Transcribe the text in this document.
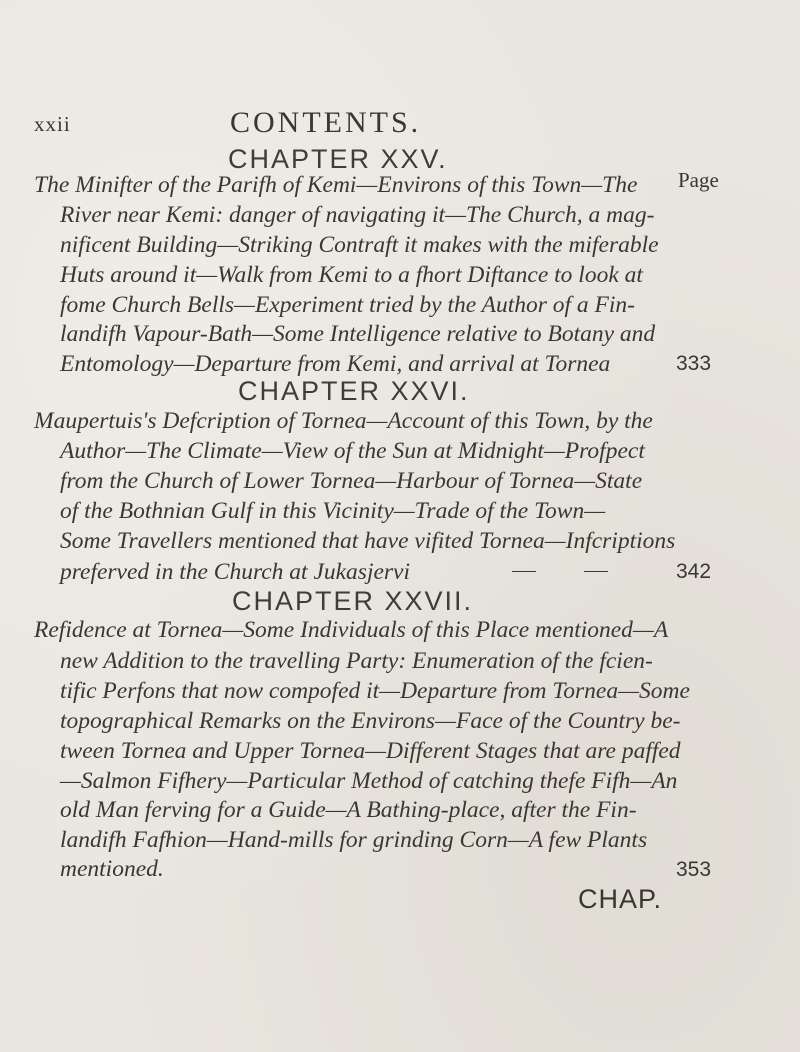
xxii	CONTENTS.
Page
CHAPTER XXV.
The Minifter of the Parifh of Kemi—Environs of this Town—The
River near Kemi: danger of navigating it—The Church, a mag-
nificent Building—Striking Contraft it makes with the miferable
Huts around it—Walk from Kemi to a fhort Diftance to look at
fome Church Bells—Experiment tried by the Author of a Fin-
landifh Vapour-Bath—Some Intelligence relative to Botany and
Entomology—Departure from Kemi, and arrival at Tornea	333
CHAPTER XXVI.
Maupertuis's Defcription of Tornea—Account of this Town, by the
Author—The Climate—View of the Sun at Midnight—Profpect
from the Church of Lower Tornea—Harbour of Tornea—State
of the Bothnian Gulf in this Vicinity—Trade of the Town—
Some Travellers mentioned that have vifited Tornea—Infcriptions
preferved in the Church at Jukasjervi	342
CHAPTER XXVII.
Refidence at Tornea—Some Individuals of this Place mentioned—A
new Addition to the travelling Party: Enumeration of the fcien-
tific Perfons that now compofed it—Departure from Tornea—Some
topographical Remarks on the Environs—Face of the Country be-
tween Tornea and Upper Tornea—Different Stages that are paffed
—Salmon Fifhery—Particular Method of catching thefe Fifh—An
old Man ferving for a Guide—A Bathing-place, after the Fin-
landifh Fafhion—Hand-mills for grinding Corn—A few Plants
mentioned.	353
CHAP.
